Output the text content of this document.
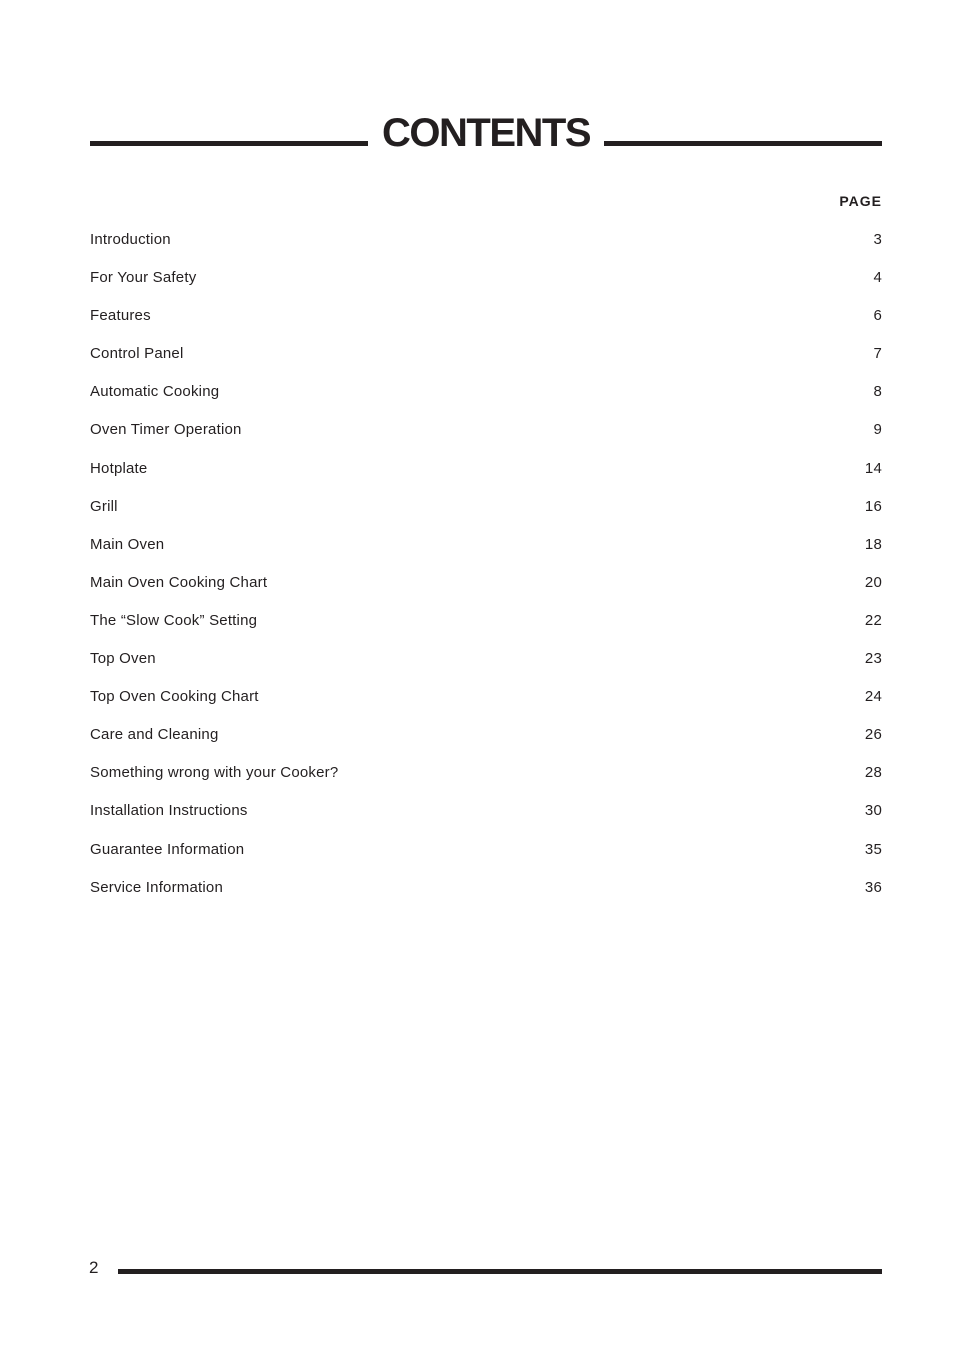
CONTENTS
PAGE
Introduction	3
For Your Safety	4
Features	6
Control Panel	7
Automatic Cooking	8
Oven Timer Operation	9
Hotplate	14
Grill	16
Main Oven	18
Main Oven Cooking Chart	20
The “Slow Cook” Setting	22
Top Oven	23
Top Oven Cooking Chart	24
Care and Cleaning	26
Something wrong with your Cooker?	28
Installation Instructions	30
Guarantee Information	35
Service Information	36
2
